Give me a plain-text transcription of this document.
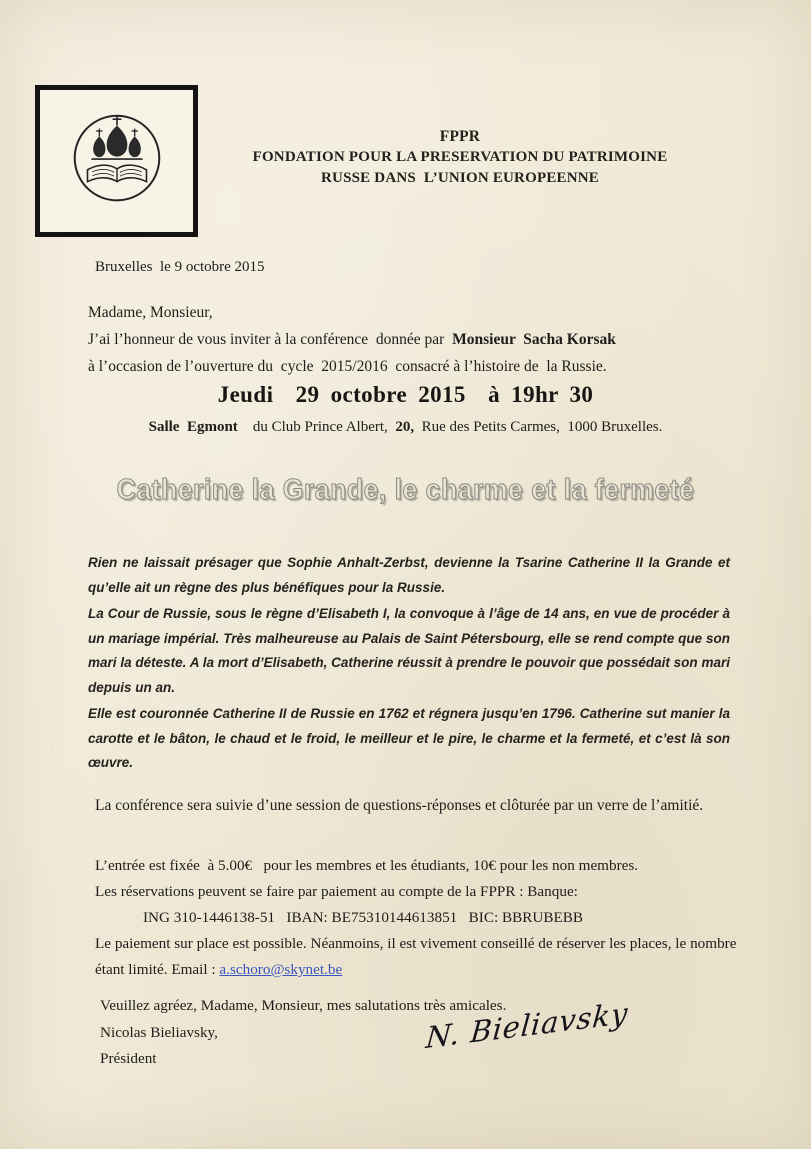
FPPR
FONDATION POUR LA PRESERVATION DU PATRIMOINE
RUSSE DANS  L’UNION EUROPEENNE
Bruxelles  le 9 octobre 2015
Madame, Monsieur,
J’ai l’honneur de vous inviter à la conférence  donnée par  Monsieur  Sacha Korsak
à l’occasion de l’ouverture du  cycle  2015/2016  consacré à l’histoire de  la Russie.
Jeudi  29 octobre 2015  à 19hr 30
Salle  Egmont    du Club Prince Albert,  20,  Rue des Petits Carmes,  1000 Bruxelles.
Catherine la Grande, le charme et la fermeté

Rien ne laissait présager que Sophie Anhalt-Zerbst, devienne la Tsarine Catherine II la Grande et qu’elle ait un règne des plus bénéfiques pour la Russie.

La Cour de Russie, sous le règne d’Elisabeth I, la convoque à l’âge de 14 ans, en vue de procéder à un mariage impérial. Très malheureuse au Palais de Saint Pétersbourg, elle se rend compte que son mari la déteste. A la mort d’Elisabeth, Catherine réussit à prendre le pouvoir que possédait son mari depuis un an.

Elle est couronnée Catherine II de Russie en 1762 et régnera jusqu’en 1796. Catherine sut manier la carotte et le bâton, le chaud et le froid, le meilleur et le pire, le charme et la fermeté, et c’est là son œuvre.

La conférence sera suivie d’une session de questions-réponses et clôturée par un verre de l’amitié.
L’entrée est fixée  à 5.00€   pour les membres et les étudiants, 10€ pour les non membres.
Les réservations peuvent se faire par paiement au compte de la FPPR : Banque:
ING 310-1446138-51   IBAN: BE75310144613851   BIC: BBRUBEBB
Le paiement sur place est possible. Néanmoins, il est vivement conseillé de réserver les places, le nombre étant limité. Email : a.schoro@skynet.be
Veuillez agréez, Madame, Monsieur, mes salutations très amicales.
Nicolas Bieliavsky,
Président
N. Bieliavsky
